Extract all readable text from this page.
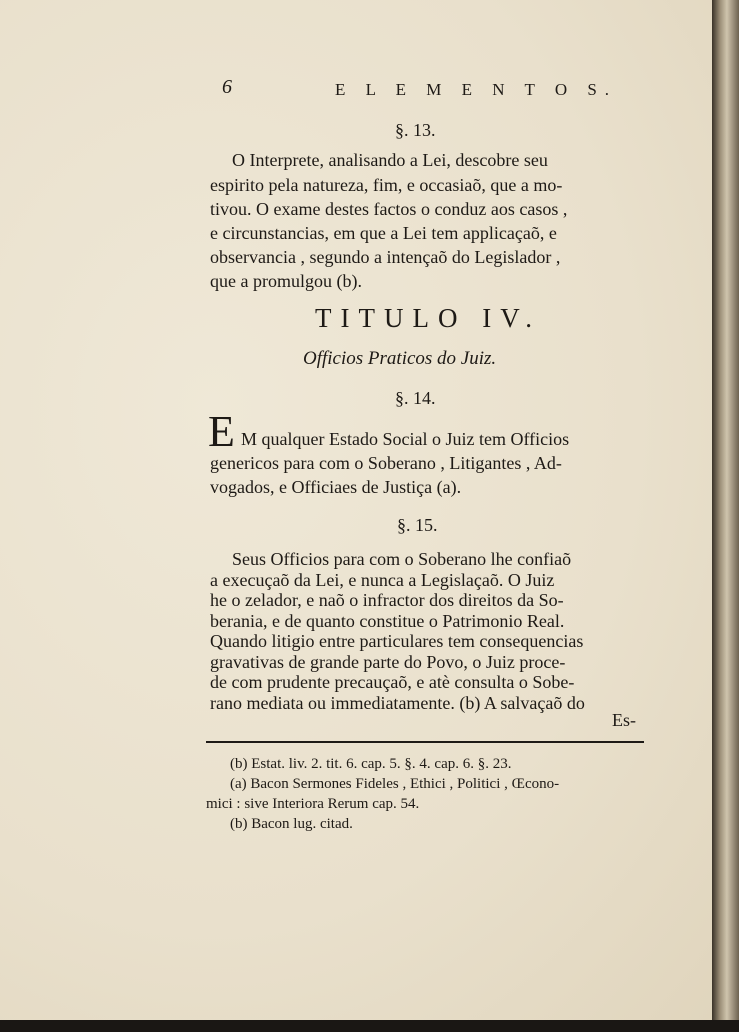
6	E L E M E N T O S.
§. 13.
O Interprete, analisando a Lei, descobre seu
espirito pela natureza, fim, e occasiaõ, que a mo-
tivou. O exame destes factos o conduz aos casos ,
e circunstancias, em que a Lei tem applicaçaõ, e
observancia , segundo a intençaõ do Legislador ,
que a promulgou (b).
TITULO IV.
Officios Praticos do Juiz.
§. 14.
E M qualquer Estado Social o Juiz tem Officios
genericos para com o Soberano , Litigantes , Ad-
vogados, e Officiaes de Justiça (a).
§. 15.
Seus Officios para com o Soberano lhe confiaõ
a execuçaõ da Lei, e nunca a Legislaçaõ. O Juiz
he o zelador, e naõ o infractor dos direitos da So-
berania, e de quanto constitue o Patrimonio Real.
Quando litigio entre particulares tem consequencias
gravativas de grande parte do Povo, o Juiz proce-
de com prudente precauçaõ, e atè consulta o Sobe-
Es-
(b) Estat. liv. 2. tit. 6. cap. 5. §. 4. cap. 6. §. 23.
(a) Bacon Sermones Fideles , Ethici , Politici , Œcono-
mici : sive Interiora Rerum cap. 54.
(b) Bacon lug. citad.
rano mediata ou immediatamente. (b) A salvaçaõ do
